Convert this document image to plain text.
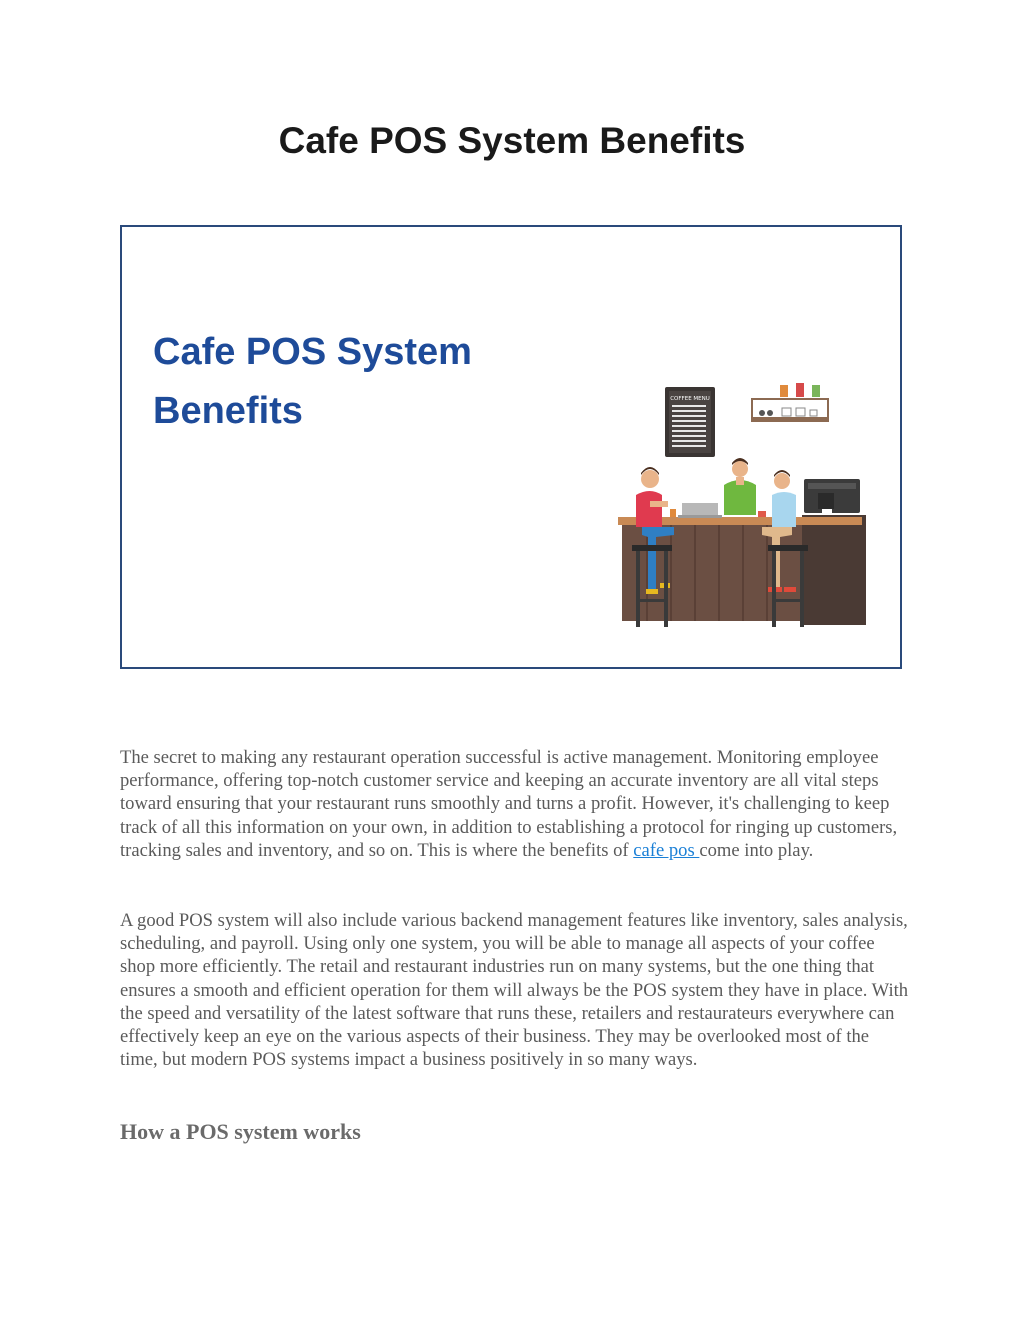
Cafe POS System Benefits
Cafe POS System
Benefits	COFFEE MENU

The secret to making any restaurant operation successful is active management. Monitoring employee performance, offering top-notch customer service and keeping an accurate inventory are all vital steps toward ensuring that your restaurant runs smoothly and turns a profit. However, it's challenging to keep track of all this information on your own, in addition to establishing a protocol for ringing up customers, tracking sales and inventory, and so on. This is where the benefits of cafe pos come into play.

A good POS system will also include various backend management features like inventory, sales analysis, scheduling, and payroll. Using only one system, you will be able to manage all aspects of your coffee shop more efficiently. The retail and restaurant industries run on many systems, but the one thing that ensures a smooth and efficient operation for them will always be the POS system they have in place. With the speed and versatility of the latest software that runs these, retailers and restaurateurs everywhere can effectively keep an eye on the various aspects of their business. They may be overlooked most of the time, but modern POS systems impact a business positively in so many ways.

How a POS system works
